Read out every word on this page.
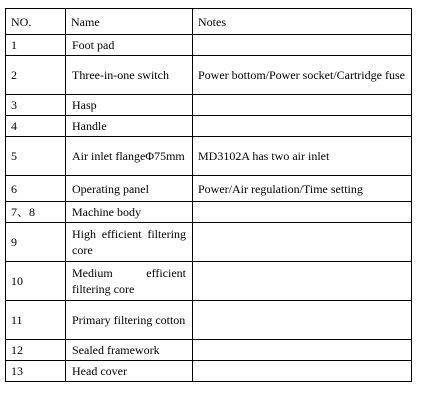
NO.	Name	Notes
1	Foot pad	
2	Three-in-one switch	Power bottom/Power socket/Cartridge fuse
3	Hasp	
4	Handle	
5	Air inlet flangeΦ75mm	MD3102A has two air inlet
6	Operating panel	Power/Air regulation/Time setting
7、8	Machine body	
9	High efficient filtering core	
10	Medium efficient filtering core	
11	Primary filtering cotton	
12	Sealed framework	
13	Head cover	
